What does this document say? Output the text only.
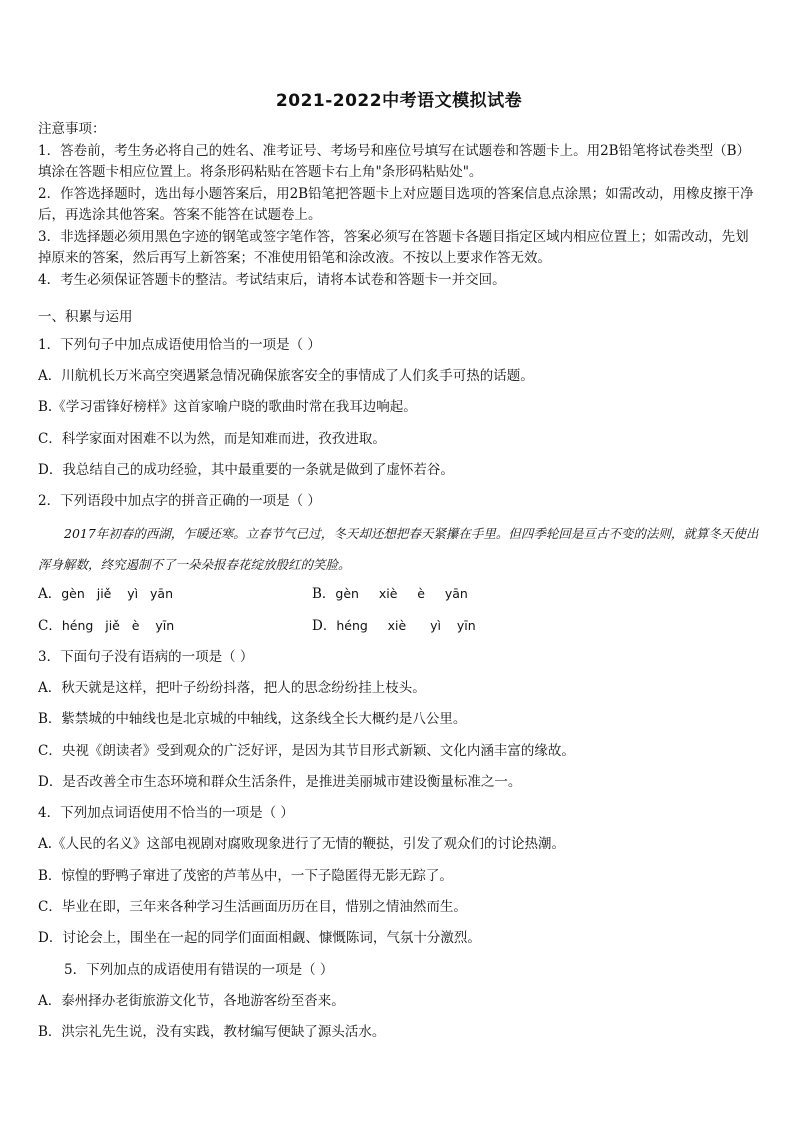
2021-2022中考语文模拟试卷

注意事项：

1．答卷前，考生务必将自己的姓名、准考证号、考场号和座位号填写在试题卷和答题卡上。用2B铅笔将试卷类型（B）填涂在答题卡相应位置上。将条形码粘贴在答题卡右上角"条形码粘贴处"。

2．作答选择题时，选出每小题答案后，用2B铅笔把答题卡上对应题目选项的答案信息点涂黑；如需改动，用橡皮擦干净后，再选涂其他答案。答案不能答在试题卷上。

3．非选择题必须用黑色字迹的钢笔或签字笔作答，答案必须写在答题卡各题目指定区域内相应位置上；如需改动，先划掉原来的答案，然后再写上新答案；不准使用铅笔和涂改液。不按以上要求作答无效。

4．考生必须保证答题卡的整洁。考试结束后，请将本试卷和答题卡一并交回。

一、积累与运用
1．下列句子中加点成语使用恰当的一项是（ ）
A．川航机长万米高空突遇紧急情况确保旅客安全的事情成了人们炙手可热的话题。
B.《学习雷锋好榜样》这首家喻户晓的歌曲时常在我耳边响起。
C．科学家面对困难不以为然，而是知难而进，孜孜进取。
D．我总结自己的成功经验，其中最重要的一条就是做到了虚怀若谷。
2．下列语段中加点字的拼音正确的一项是（ ）
2017年初春的西湖，乍暖还寒。立春节气已过，冬天却还想把春天紧攥在手里。但四季轮回是亘古不变的法则，就算冬天使出浑身解数，终究遏制不了一朵朵报春花绽放殷红的笑脸。
A．gèn   jiě    yì   yān	B．gèn     xiè     è     yān
C．héng   jiě   è    yīn	D．héng     xiè      yì    yīn
3．下面句子没有语病的一项是（ ）
A．秋天就是这样，把叶子纷纷抖落，把人的思念纷纷挂上枝头。
B．紫禁城的中轴线也是北京城的中轴线，这条线全长大概约是八公里。
C．央视《朗读者》受到观众的广泛好评，是因为其节目形式新颖、文化内涵丰富的缘故。
D．是否改善全市生态环境和群众生活条件，是推进美丽城市建设衡量标准之一。
4．下列加点词语使用不恰当的一项是（ ）
A.《人民的名义》这部电视剧对腐败现象进行了无情的鞭挞，引发了观众们的讨论热潮。
B．惊惶的野鸭子窜进了茂密的芦苇丛中，一下子隐匿得无影无踪了。
C．毕业在即，三年来各种学习生活画面历历在目，惜别之情油然而生。
D．讨论会上，围坐在一起的同学们面面相觑、慷慨陈词，气氛十分激烈。
5．下列加点的成语使用有错误的一项是（ ）
A．泰州择办老街旅游文化节，各地游客纷至沓来。
B．洪宗礼先生说，没有实践，教材编写便缺了源头活水。
